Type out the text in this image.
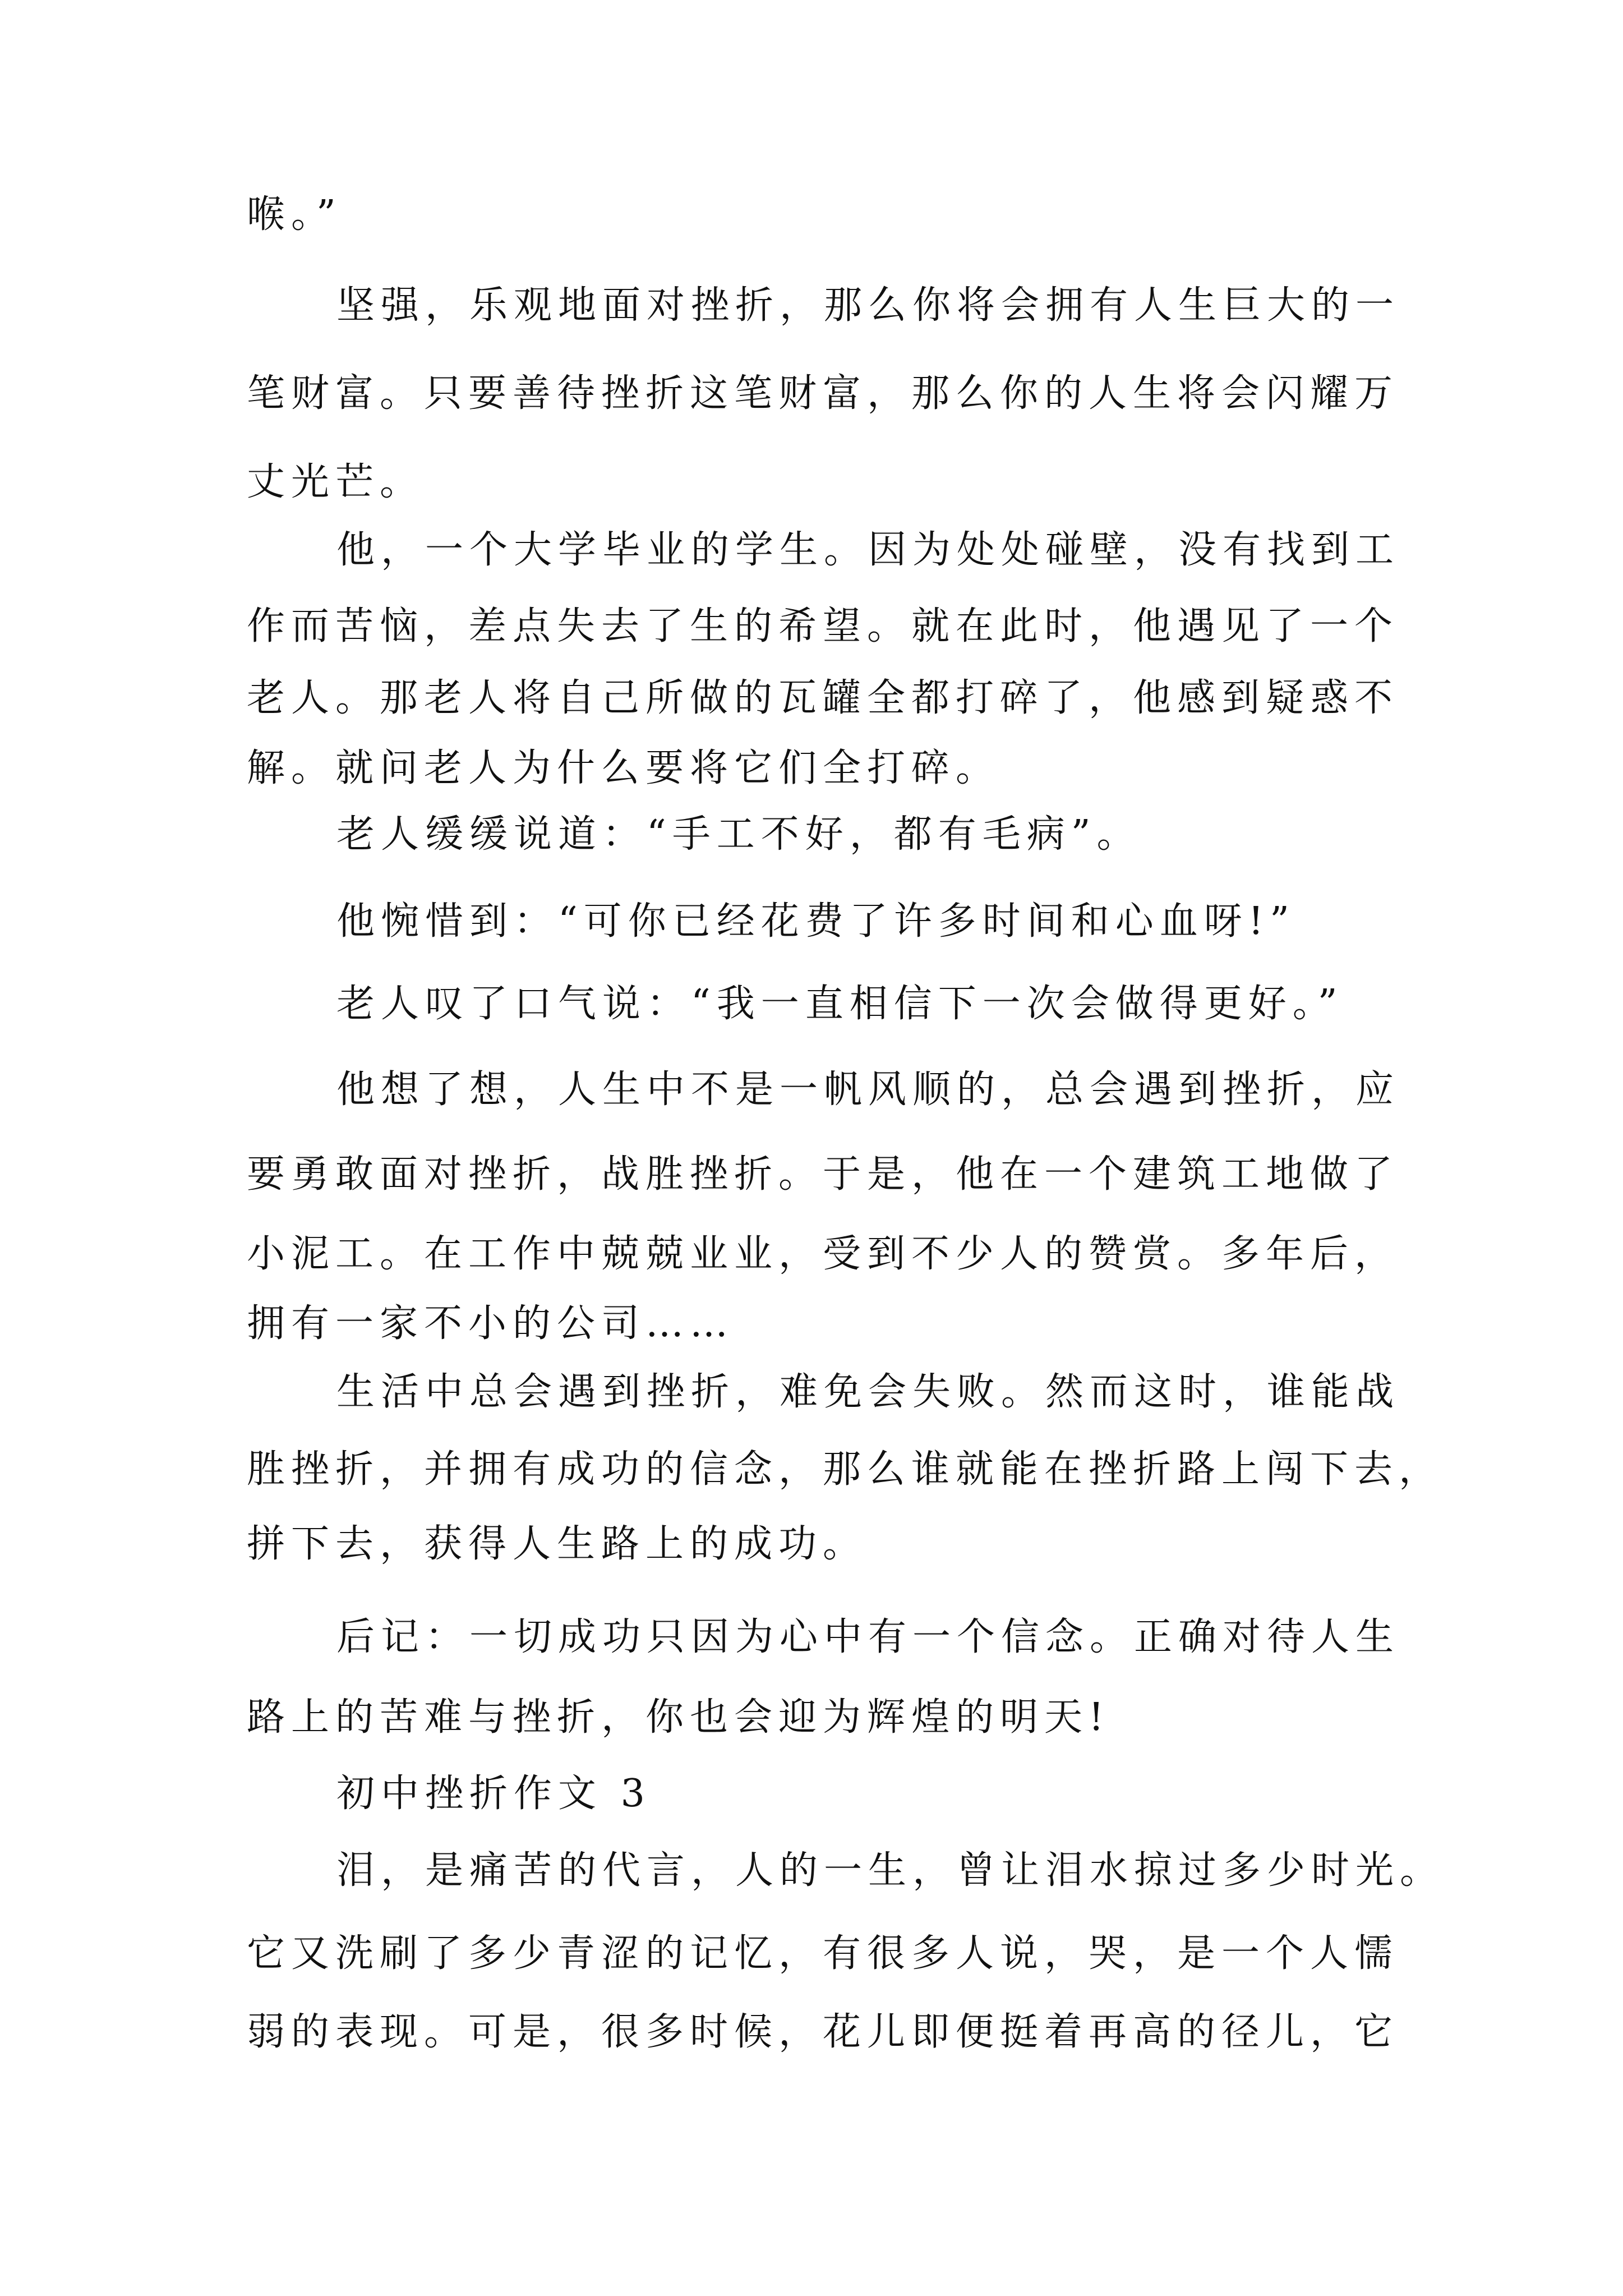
喉。”

坚强，乐观地面对挫折，那么你将会拥有人生巨大的一

笔财富。只要善待挫折这笔财富，那么你的人生将会闪耀万

丈光芒。

他，一个大学毕业的学生。因为处处碰壁，没有找到工

作而苦恼，差点失去了生的希望。就在此时，他遇见了一个

老人。那老人将自己所做的瓦罐全都打碎了，他感到疑惑不

解。就问老人为什么要将它们全打碎。

老人缓缓说道：“手工不好，都有毛病”。

他惋惜到：“可你已经花费了许多时间和心血呀!”

老人叹了口气说：“我一直相信下一次会做得更好。”

他想了想，人生中不是一帆风顺的，总会遇到挫折，应

要勇敢面对挫折，战胜挫折。于是，他在一个建筑工地做了

小泥工。在工作中兢兢业业，受到不少人的赞赏。多年后，

拥有一家不小的公司……

生活中总会遇到挫折，难免会失败。然而这时，谁能战

胜挫折，并拥有成功的信念，那么谁就能在挫折路上闯下去，

拼下去，获得人生路上的成功。

后记：一切成功只因为心中有一个信念。正确对待人生

路上的苦难与挫折，你也会迎为辉煌的明天!

初中挫折作文 3

泪，是痛苦的代言，人的一生，曾让泪水掠过多少时光。

它又洗刷了多少青涩的记忆，有很多人说，哭，是一个人懦

弱的表现。可是，很多时候，花儿即便挺着再高的径儿，它
